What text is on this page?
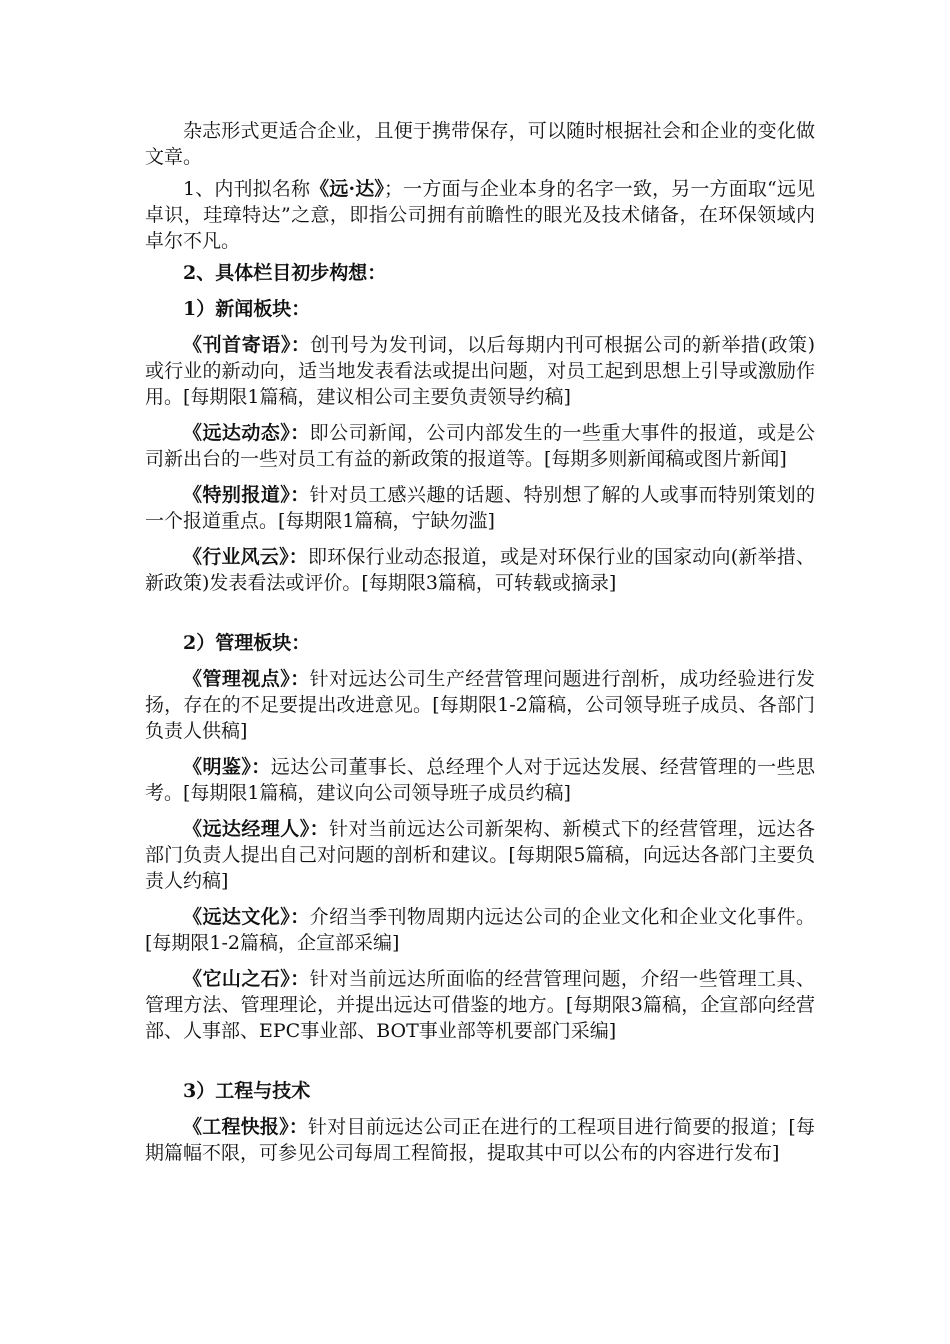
杂志形式更适合企业，且便于携带保存，可以随时根据社会和企业的变化做文章。

1、内刊拟名称《远·达》；一方面与企业本身的名字一致，另一方面取“远见卓识，珪璋特达”之意，即指公司拥有前瞻性的眼光及技术储备，在环保领域内卓尔不凡。

2、具体栏目初步构想：
1）新闻板块：

《刊首寄语》：创刊号为发刊词，以后每期内刊可根据公司的新举措(政策)或行业的新动向，适当地发表看法或提出问题，对员工起到思想上引导或激励作用。[每期限1篇稿，建议相公司主要负责领导约稿]

《远达动态》：即公司新闻，公司内部发生的一些重大事件的报道，或是公司新出台的一些对员工有益的新政策的报道等。[每期多则新闻稿或图片新闻]

《特别报道》：针对员工感兴趣的话题、特别想了解的人或事而特别策划的一个报道重点。[每期限1篇稿，宁缺勿滥]

《行业风云》：即环保行业动态报道，或是对环保行业的国家动向(新举措、新政策)发表看法或评价。[每期限3篇稿，可转载或摘录]

2）管理板块：

《管理视点》：针对远达公司生产经营管理问题进行剖析，成功经验进行发扬，存在的不足要提出改进意见。[每期限1-2篇稿，公司领导班子成员、各部门负责人供稿]

《明鉴》：远达公司董事长、总经理个人对于远达发展、经营管理的一些思考。[每期限1篇稿，建议向公司领导班子成员约稿]

《远达经理人》：针对当前远达公司新架构、新模式下的经营管理，远达各部门负责人提出自己对问题的剖析和建议。[每期限5篇稿，向远达各部门主要负责人约稿]

《远达文化》：介绍当季刊物周期内远达公司的企业文化和企业文化事件。[每期限1-2篇稿，企宣部采编]

《它山之石》：针对当前远达所面临的经营管理问题，介绍一些管理工具、管理方法、管理理论，并提出远达可借鉴的地方。[每期限3篇稿，企宣部向经营部、人事部、EPC事业部、BOT事业部等机要部门采编]

3）工程与技术

《工程快报》：针对目前远达公司正在进行的工程项目进行简要的报道；[每期篇幅不限，可参见公司每周工程简报，提取其中可以公布的内容进行发布]
